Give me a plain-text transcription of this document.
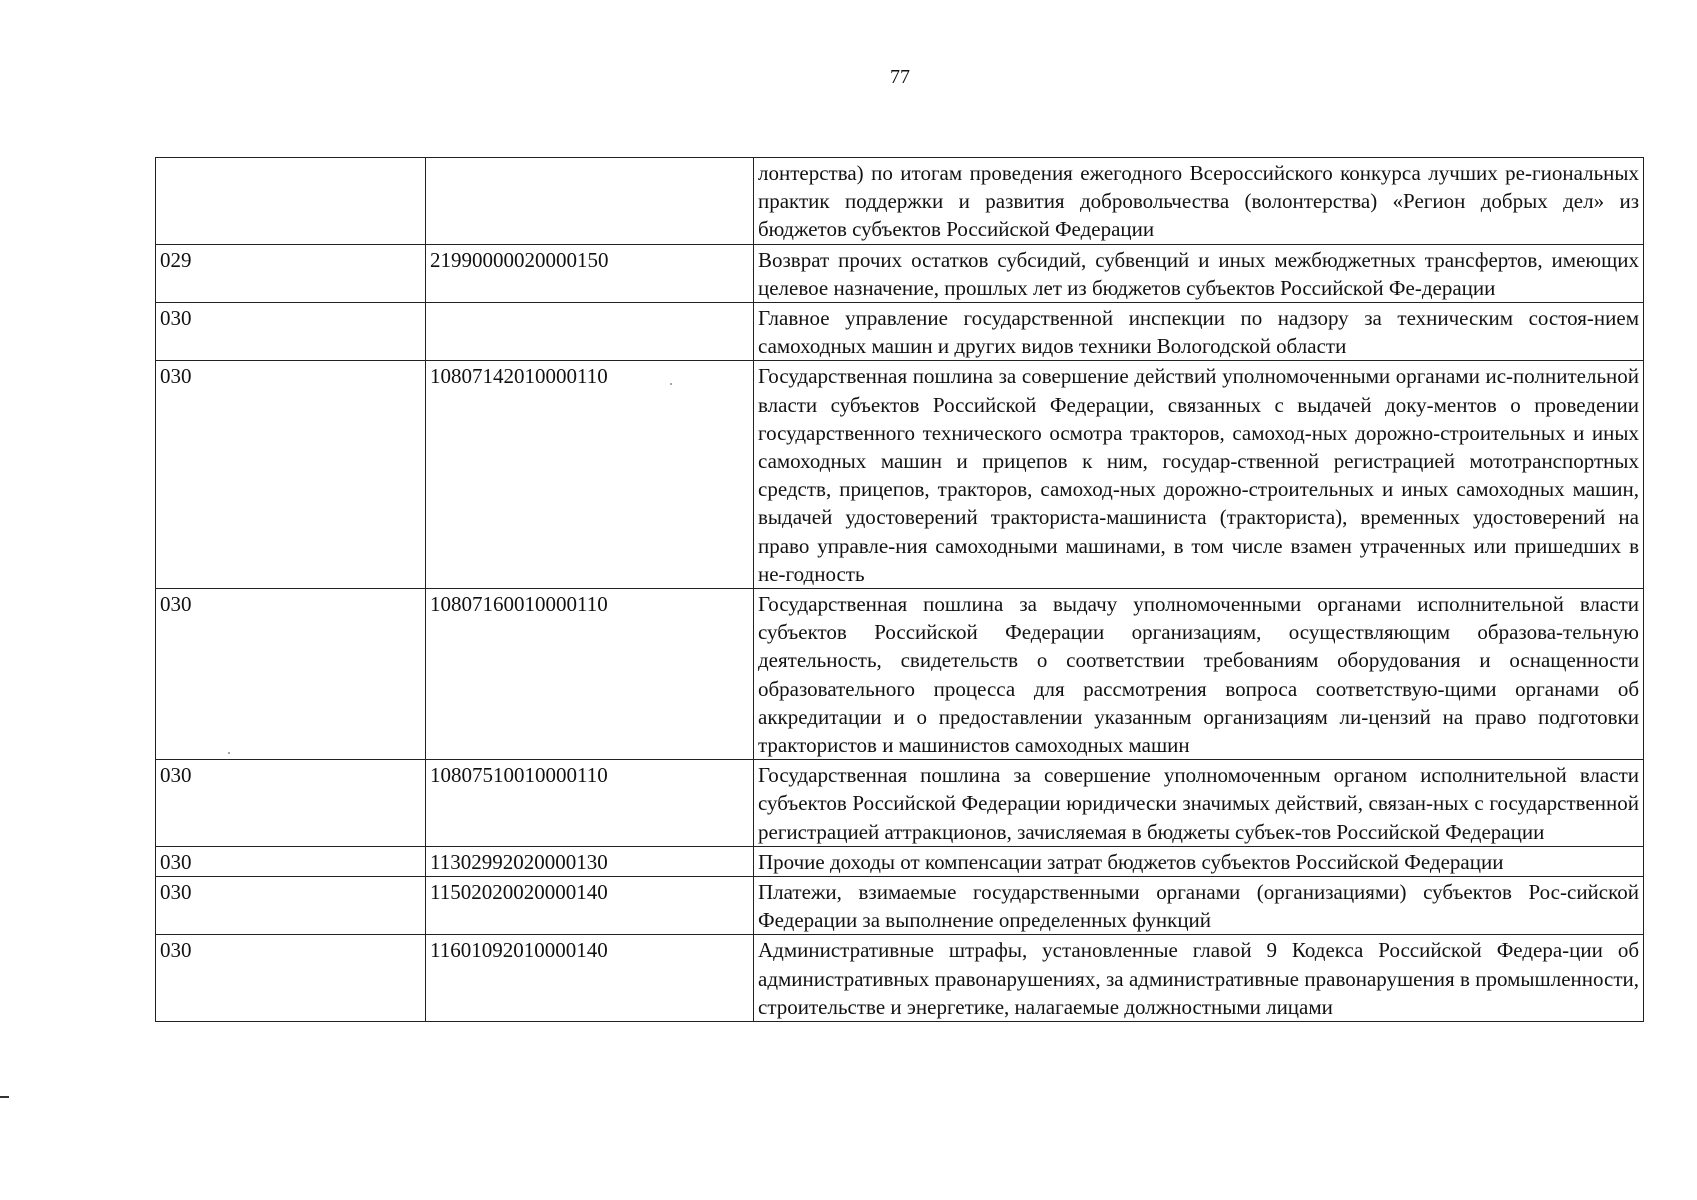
77
		лонтерства) по итогам проведения ежегодного Всероссийского конкурса лучших ре-гиональных практик поддержки и развития добровольчества (волонтерства) «Регион добрых дел» из бюджетов субъектов Российской Федерации
029	21990000020000150	Возврат прочих остатков субсидий, субвенций и иных межбюджетных трансфертов, имеющих целевое назначение, прошлых лет из бюджетов субъектов Российской Фе-дерации
030		Главное управление государственной инспекции по надзору за техническим состоя-нием самоходных машин и других видов техники Вологодской области
030	10807142010000110	Государственная пошлина за совершение действий уполномоченными органами ис-полнительной власти субъектов Российской Федерации, связанных с выдачей доку-ментов о проведении государственного технического осмотра тракторов, самоход-ных дорожно-строительных и иных самоходных машин и прицепов к ним, государ-ственной регистрацией мототранспортных средств, прицепов, тракторов, самоход-ных дорожно-строительных и иных самоходных машин, выдачей удостоверений тракториста-машиниста (тракториста), временных удостоверений на право управле-ния самоходными машинами, в том числе взамен утраченных или пришедших в не-годность
030	10807160010000110	Государственная пошлина за выдачу уполномоченными органами исполнительной власти субъектов Российской Федерации организациям, осуществляющим образова-тельную деятельность, свидетельств о соответствии требованиям оборудования и оснащенности образовательного процесса для рассмотрения вопроса соответствую-щими органами об аккредитации и о предоставлении указанным организациям ли-цензий на право подготовки трактористов и машинистов самоходных машин
030	10807510010000110	Государственная пошлина за совершение уполномоченным органом исполнительной власти субъектов Российской Федерации юридически значимых действий, связан-ных с государственной регистрацией аттракционов, зачисляемая в бюджеты субъек-тов Российской Федерации
030	11302992020000130	Прочие доходы от компенсации затрат бюджетов субъектов Российской Федерации
030	11502020020000140	Платежи, взимаемые государственными органами (организациями) субъектов Рос-сийской Федерации за выполнение определенных функций
030	11601092010000140	Административные штрафы, установленные главой 9 Кодекса Российской Федера-ции об административных правонарушениях, за административные правонарушения в промышленности, строительстве и энергетике, налагаемые должностными лицами
